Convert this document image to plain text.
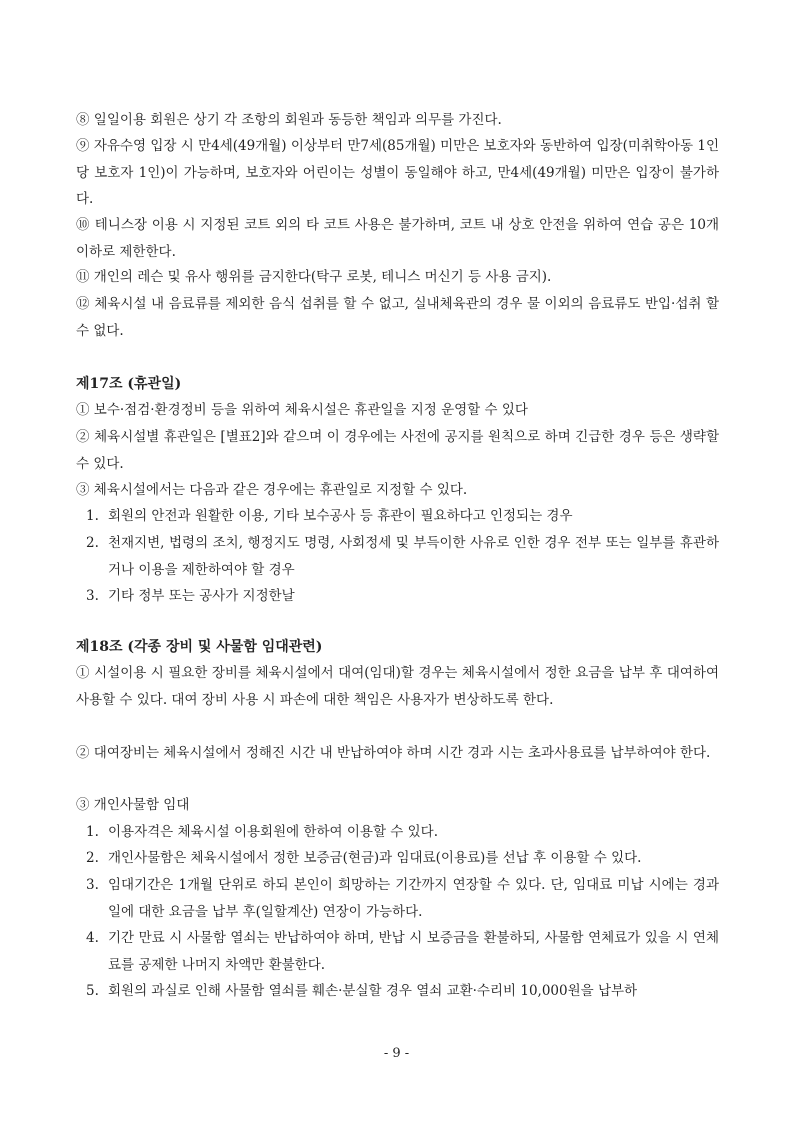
⑧ 일일이용 회원은 상기 각 조항의 회원과 동등한 책임과 의무를 가진다.
⑨ 자유수영 입장 시 만4세(49개월) 이상부터 만7세(85개월) 미만은 보호자와 동반하여 입장(미취학아동 1인 당 보호자 1인)이 가능하며, 보호자와 어린이는 성별이 동일해야 하고, 만4세(49개월) 미만은 입장이 불가하다.
⑩ 테니스장 이용 시 지정된 코트 외의 타 코트 사용은 불가하며, 코트 내 상호 안전을 위하여 연습 공은 10개 이하로 제한한다.
⑪ 개인의 레슨 및 유사 행위를 금지한다(탁구 로봇, 테니스 머신기 등 사용 금지).
⑫ 체육시설 내 음료류를 제외한 음식 섭취를 할 수 없고, 실내체육관의 경우 물 이외의 음료류도 반입·섭취 할 수 없다.
제17조 (휴관일)
① 보수·점검·환경정비 등을 위하여 체육시설은 휴관일을 지정 운영할 수 있다
② 체육시설별 휴관일은 [별표2]와 같으며 이 경우에는 사전에 공지를 원칙으로 하며 긴급한 경우 등은 생략할 수 있다.
③ 체육시설에서는 다음과 같은 경우에는 휴관일로 지정할 수 있다.
1. 회원의 안전과 원활한 이용, 기타 보수공사 등 휴관이 필요하다고 인정되는 경우
2. 천재지변, 법령의 조치, 행정지도 명령, 사회정세 및 부득이한 사유로 인한 경우 전부 또는 일부를 휴관하거나 이용을 제한하여야 할 경우
3. 기타 정부 또는 공사가 지정한날
제18조 (각종 장비 및 사물함 임대관련)
① 시설이용 시 필요한 장비를 체육시설에서 대여(임대)할 경우는 체육시설에서 정한 요금을 납부 후 대여하여 사용할 수 있다. 대여 장비 사용 시 파손에 대한 책임은 사용자가 변상하도록 한다.
② 대여장비는 체육시설에서 정해진 시간 내 반납하여야 하며 시간 경과 시는 초과사용료를 납부하여야 한다.
③ 개인사물함 임대
1. 이용자격은 체육시설 이용회원에 한하여 이용할 수 있다.
2. 개인사물함은 체육시설에서 정한 보증금(현금)과 임대료(이용료)를 선납 후 이용할 수 있다.
3. 임대기간은 1개월 단위로 하되 본인이 희망하는 기간까지 연장할 수 있다. 단, 임대료 미납 시에는 경과 일에 대한 요금을 납부 후(일할계산) 연장이 가능하다.
4. 기간 만료 시 사물함 열쇠는 반납하여야 하며, 반납 시 보증금을 환불하되, 사물함 연체료가 있을 시 연체료를 공제한 나머지 차액만 환불한다.
5. 회원의 과실로 인해 사물함 열쇠를 훼손·분실할 경우 열쇠 교환·수리비 10,000원을 납부하
- 9 -
